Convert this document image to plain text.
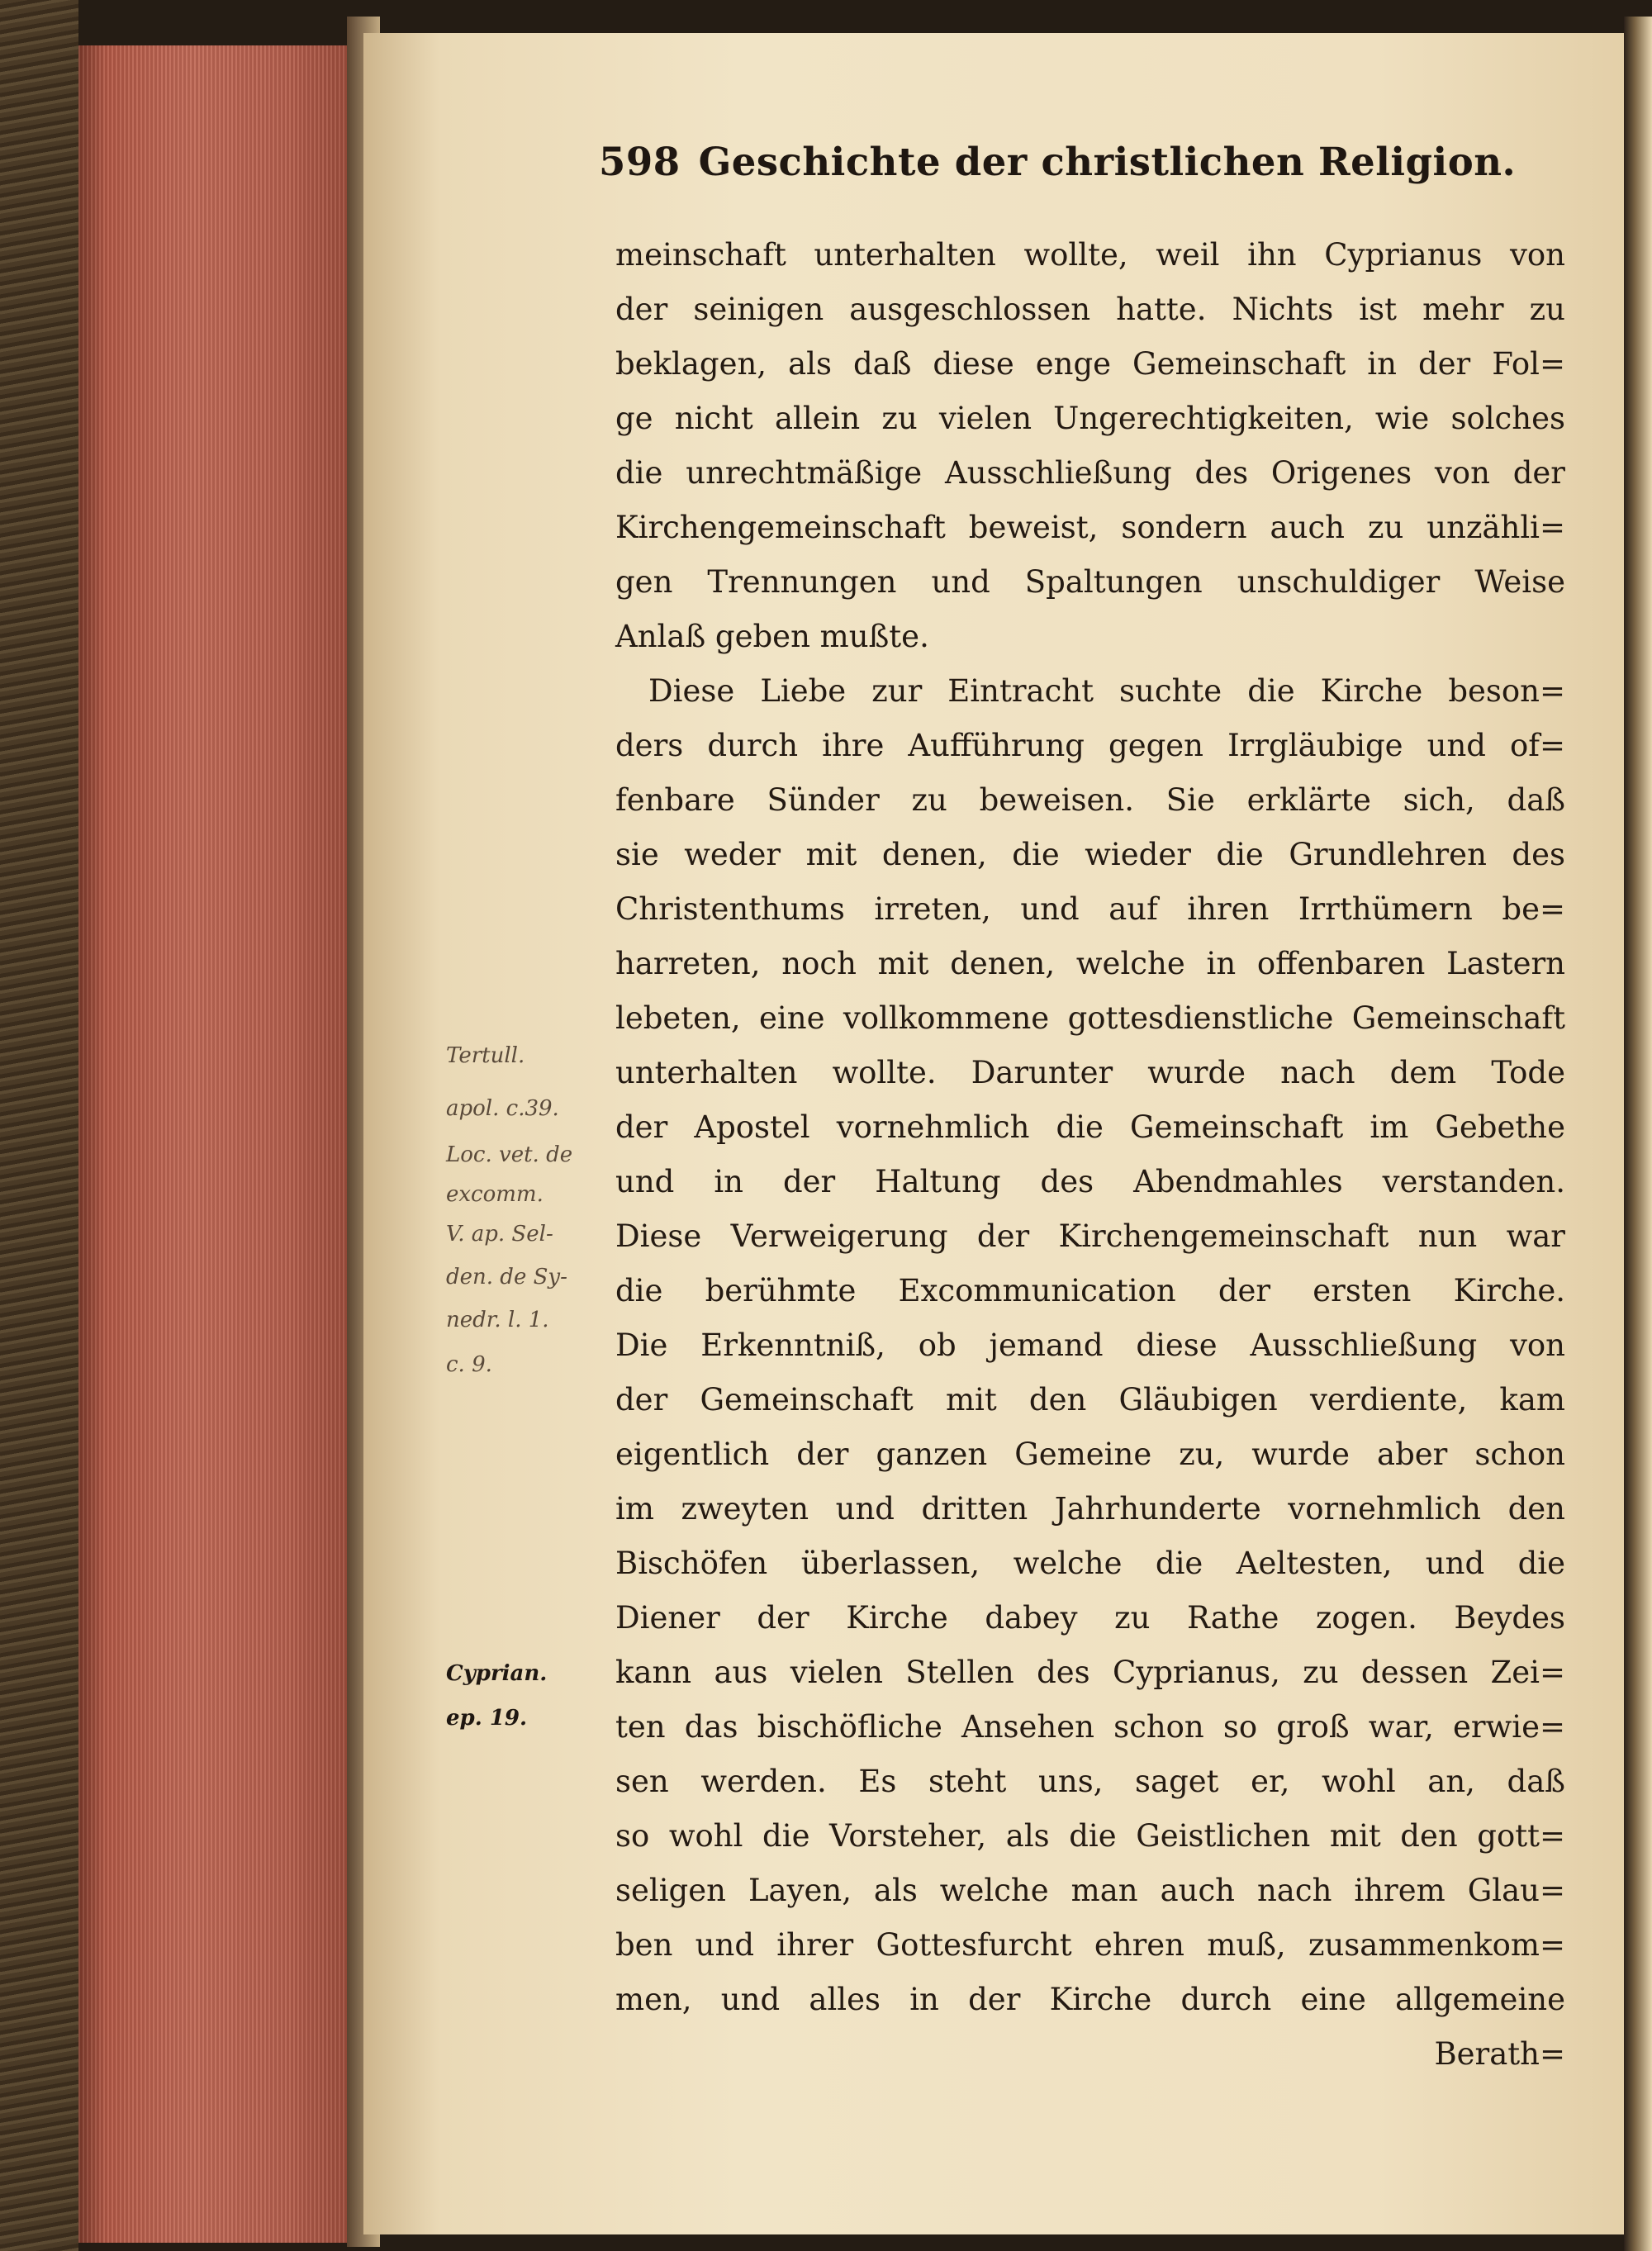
598 Geschichte der christlichen Religion.
meinschaft unterhalten wollte, weil ihn Cyprianus von
der seinigen ausgeschlossen hatte. Nichts ist mehr zu
beklagen, als daß diese enge Gemeinschaft in der Fol=
ge nicht allein zu vielen Ungerechtigkeiten, wie solches
die unrechtmäßige Ausschließung des Origenes von der
Kirchengemeinschaft beweist, sondern auch zu unzähli=
gen Trennungen und Spaltungen unschuldiger Weise
Anlaß geben mußte.
Diese Liebe zur Eintracht suchte die Kirche beson=
ders durch ihre Aufführung gegen Irrgläubige und of=
fenbare Sünder zu beweisen. Sie erklärte sich, daß
sie weder mit denen, die wieder die Grundlehren des
Christenthums irreten, und auf ihren Irrthümern be=
harreten, noch mit denen, welche in offenbaren Lastern
lebeten, eine vollkommene gottesdienstliche Gemeinschaft
unterhalten wollte. Darunter wurde nach dem Tode
der Apostel vornehmlich die Gemeinschaft im Gebethe
und in der Haltung des Abendmahles verstanden.
Diese Verweigerung der Kirchengemeinschaft nun war
die berühmte Excommunication der ersten Kirche.
Die Erkenntniß, ob jemand diese Ausschließung von
der Gemeinschaft mit den Gläubigen verdiente, kam
eigentlich der ganzen Gemeine zu, wurde aber schon
im zweyten und dritten Jahrhunderte vornehmlich den
Bischöfen überlassen, welche die Aeltesten, und die
Diener der Kirche dabey zu Rathe zogen. Beydes
kann aus vielen Stellen des Cyprianus, zu dessen Zei=
ten das bischöfliche Ansehen schon so groß war, erwie=
sen werden. Es steht uns, saget er, wohl an, daß
so wohl die Vorsteher, als die Geistlichen mit den gott=
seligen Layen, als welche man auch nach ihrem Glau=
ben und ihrer Gottesfurcht ehren muß, zusammenkom=
men, und alles in der Kirche durch eine allgemeine
Berath=
Tertull.
apol. c.39.
Loc. vet. de
excomm.
V. ap. Sel-
den. de Sy-
nedr. l. 1.
c. 9.
Cyprian.
ep. 19.
